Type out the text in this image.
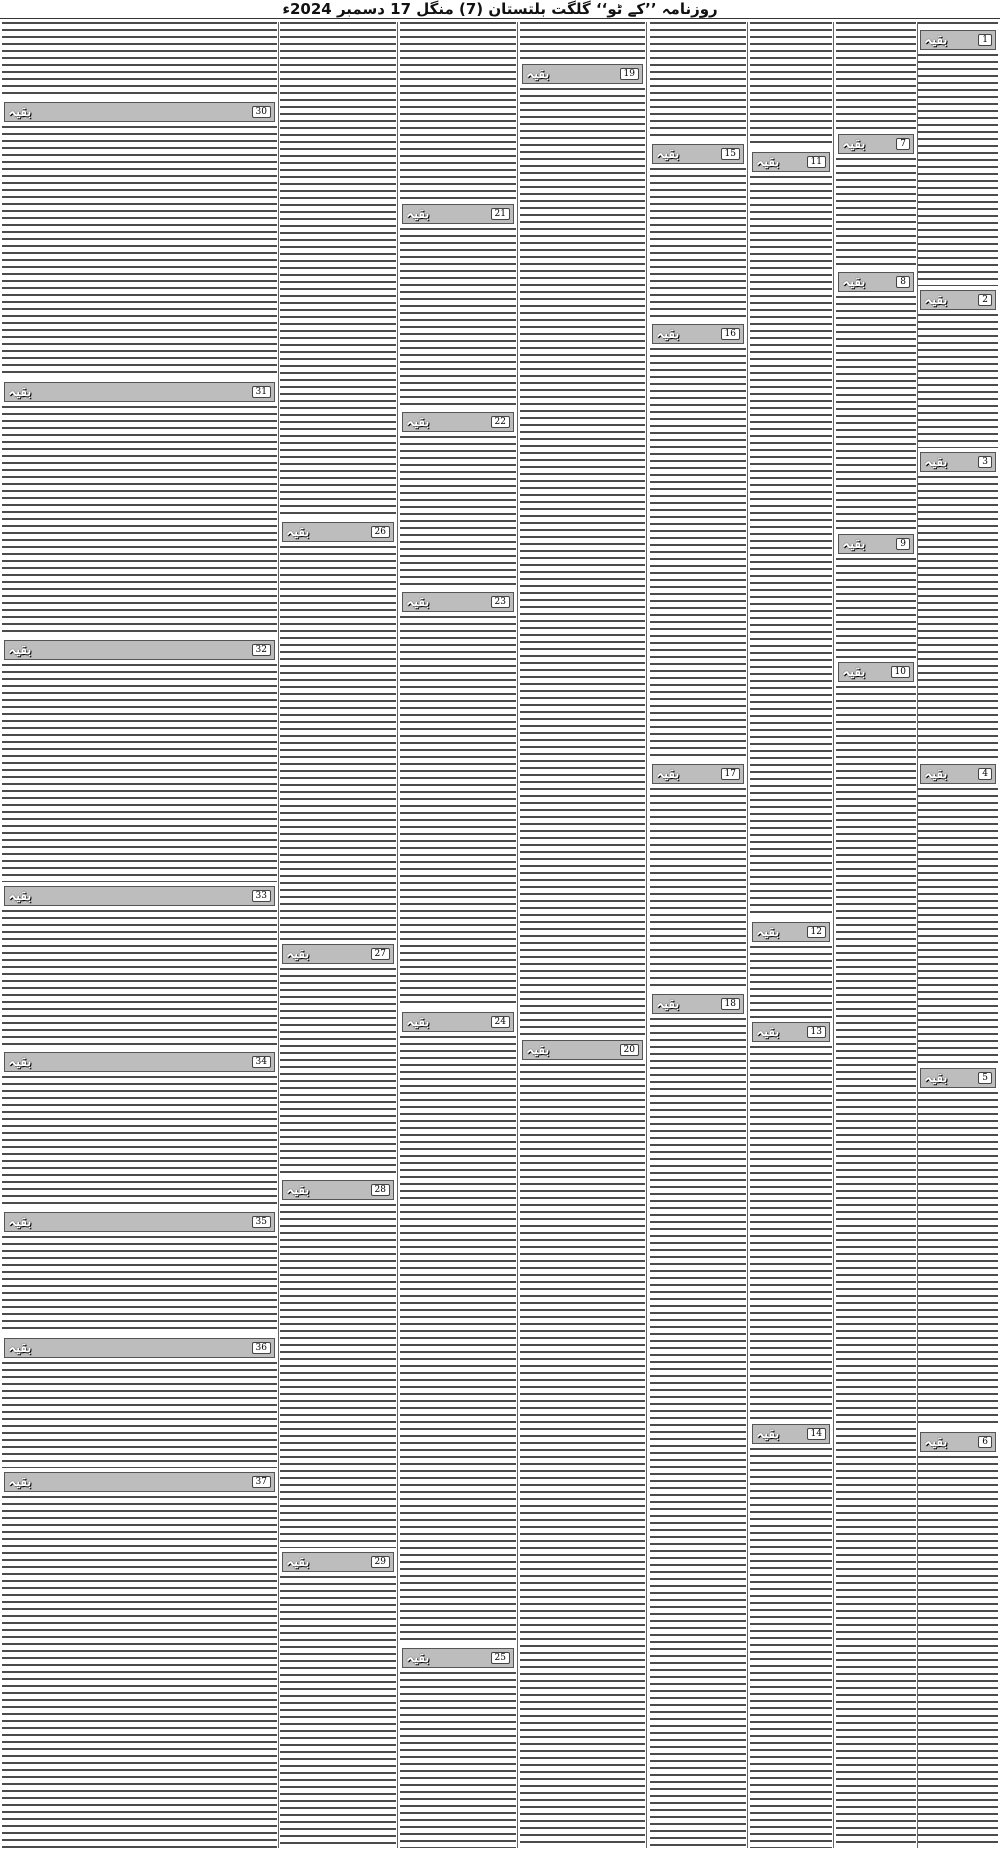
روزنامہ ’’کے ٹو‘‘ گلگت بلتستان (7) منگل 17 دسمبر 2024ء
1
بقیہ
2
بقیہ
3
بقیہ
4
بقیہ
5
بقیہ
6
بقیہ
7
بقیہ
8
بقیہ
9
بقیہ
10
بقیہ
11
بقیہ
12
بقیہ
13
بقیہ
14
بقیہ
15
بقیہ
16
بقیہ
17
بقیہ
18
بقیہ
19
بقیہ
20
بقیہ
21
بقیہ
22
بقیہ
23
بقیہ
24
بقیہ
25
بقیہ
26
بقیہ
27
بقیہ
28
بقیہ
29
بقیہ
30
بقیہ
31
بقیہ
32
بقیہ
33
بقیہ
34
بقیہ
35
بقیہ
36
بقیہ
37
بقیہ
